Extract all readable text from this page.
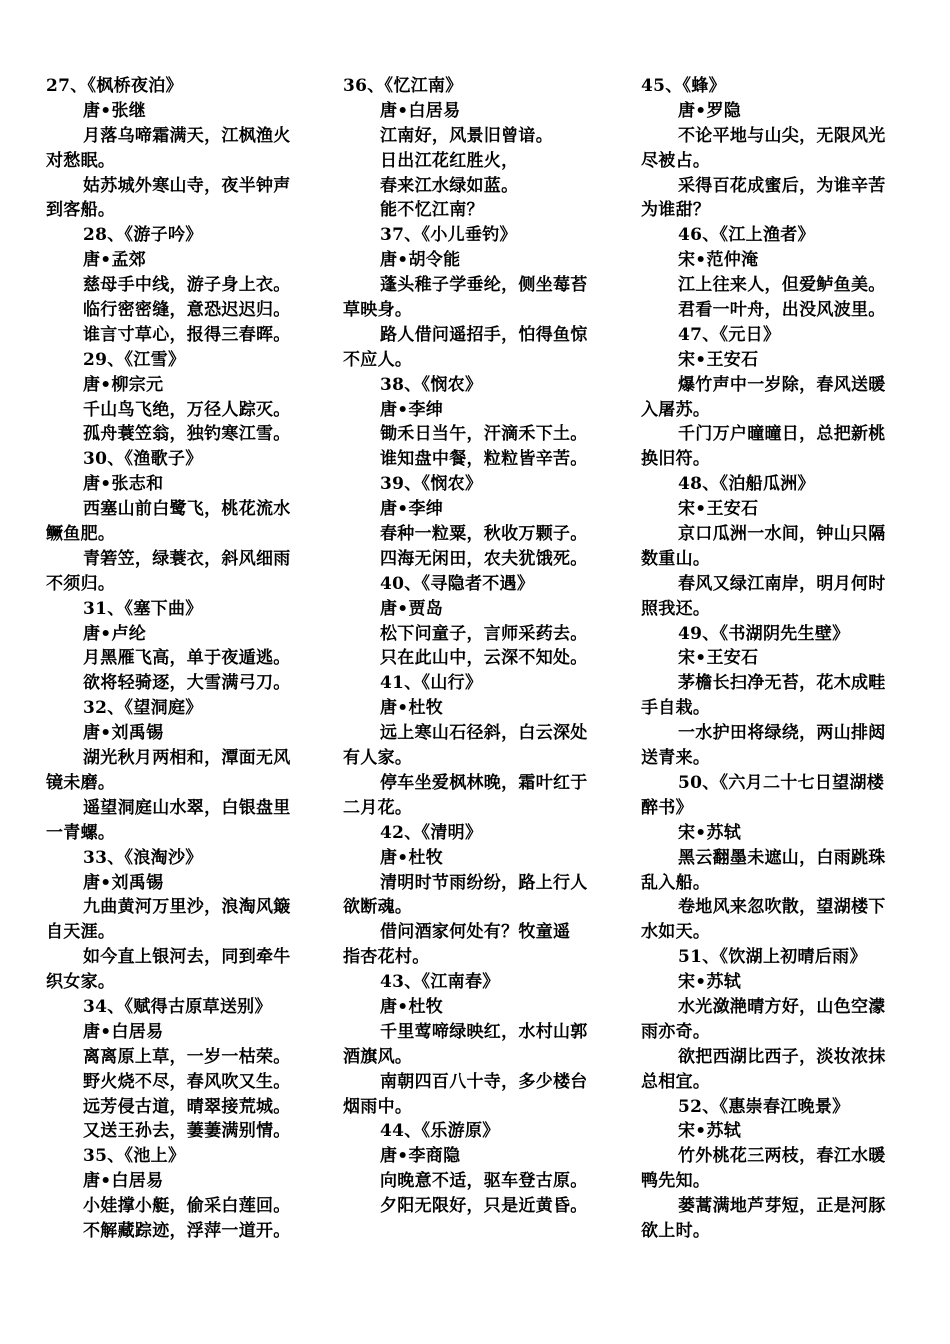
27、《枫桥夜泊》
唐•张继
月落乌啼霜满天，江枫渔火
对愁眠。
姑苏城外寒山寺，夜半钟声
到客船。
28、《游子吟》
唐•孟郊
慈母手中线，游子身上衣。
临行密密缝，意恐迟迟归。
谁言寸草心，报得三春晖。
29、《江雪》
唐•柳宗元
千山鸟飞绝，万径人踪灭。
孤舟蓑笠翁，独钓寒江雪。
30、《渔歌子》
唐•张志和
西塞山前白鹭飞，桃花流水
鳜鱼肥。
青箬笠，绿蓑衣，斜风细雨
不须归。
31、《塞下曲》
唐•卢纶
月黑雁飞高，单于夜遁逃。
欲将轻骑逐，大雪满弓刀。
32、《望洞庭》
唐•刘禹锡
湖光秋月两相和，潭面无风
镜未磨。
遥望洞庭山水翠，白银盘里
一青螺。
33、《浪淘沙》
唐•刘禹锡
九曲黄河万里沙，浪淘风簸
自天涯。
如今直上银河去，同到牵牛
织女家。
34、《赋得古原草送别》
唐•白居易
离离原上草，一岁一枯荣。
野火烧不尽，春风吹又生。
远芳侵古道，晴翠接荒城。
又送王孙去，萋萋满别情。
35、《池上》
唐•白居易
小娃撑小艇，偷采白莲回。
不解藏踪迹，浮萍一道开。
36、《忆江南》
唐•白居易
江南好，风景旧曾谙。
日出江花红胜火，
春来江水绿如蓝。
能不忆江南？
37、《小儿垂钓》
唐•胡令能
蓬头稚子学垂纶，侧坐莓苔
草映身。
路人借问遥招手，怕得鱼惊
不应人。
38、《悯农》
唐•李绅
锄禾日当午，汗滴禾下土。
谁知盘中餐，粒粒皆辛苦。
39、《悯农》
唐•李绅
春种一粒粟，秋收万颗子。
四海无闲田，农夫犹饿死。
40、《寻隐者不遇》
唐•贾岛
松下问童子，言师采药去。
只在此山中，云深不知处。
41、《山行》
唐•杜牧
远上寒山石径斜，白云深处
有人家。
停车坐爱枫林晚，霜叶红于
二月花。
42、《清明》
唐•杜牧
清明时节雨纷纷，路上行人
欲断魂。
借问酒家何处有？牧童遥
指杏花村。
43、《江南春》
唐•杜牧
千里莺啼绿映红，水村山郭
酒旗风。
南朝四百八十寺，多少楼台
烟雨中。
44、《乐游原》
唐•李商隐
向晚意不适，驱车登古原。
夕阳无限好，只是近黄昏。
45、《蜂》
唐•罗隐
不论平地与山尖，无限风光
尽被占。
采得百花成蜜后，为谁辛苦
为谁甜？
46、《江上渔者》
宋•范仲淹
江上往来人，但爱鲈鱼美。
君看一叶舟，出没风波里。
47、《元日》
宋•王安石
爆竹声中一岁除，春风送暖
入屠苏。
千门万户曈曈日，总把新桃
换旧符。
48、《泊船瓜洲》
宋•王安石
京口瓜洲一水间，钟山只隔
数重山。
春风又绿江南岸，明月何时
照我还。
49、《书湖阴先生壁》
宋•王安石
茅檐长扫净无苔，花木成畦
手自栽。
一水护田将绿绕，两山排闼
送青来。
50、《六月二十七日望湖楼
醉书》
宋•苏轼
黑云翻墨未遮山，白雨跳珠
乱入船。
卷地风来忽吹散，望湖楼下
水如天。
51、《饮湖上初晴后雨》
宋•苏轼
水光潋滟晴方好，山色空濛
雨亦奇。
欲把西湖比西子，淡妆浓抹
总相宜。
52、《惠崇春江晚景》
宋•苏轼
竹外桃花三两枝，春江水暖
鸭先知。
蒌蒿满地芦芽短，正是河豚
欲上时。
